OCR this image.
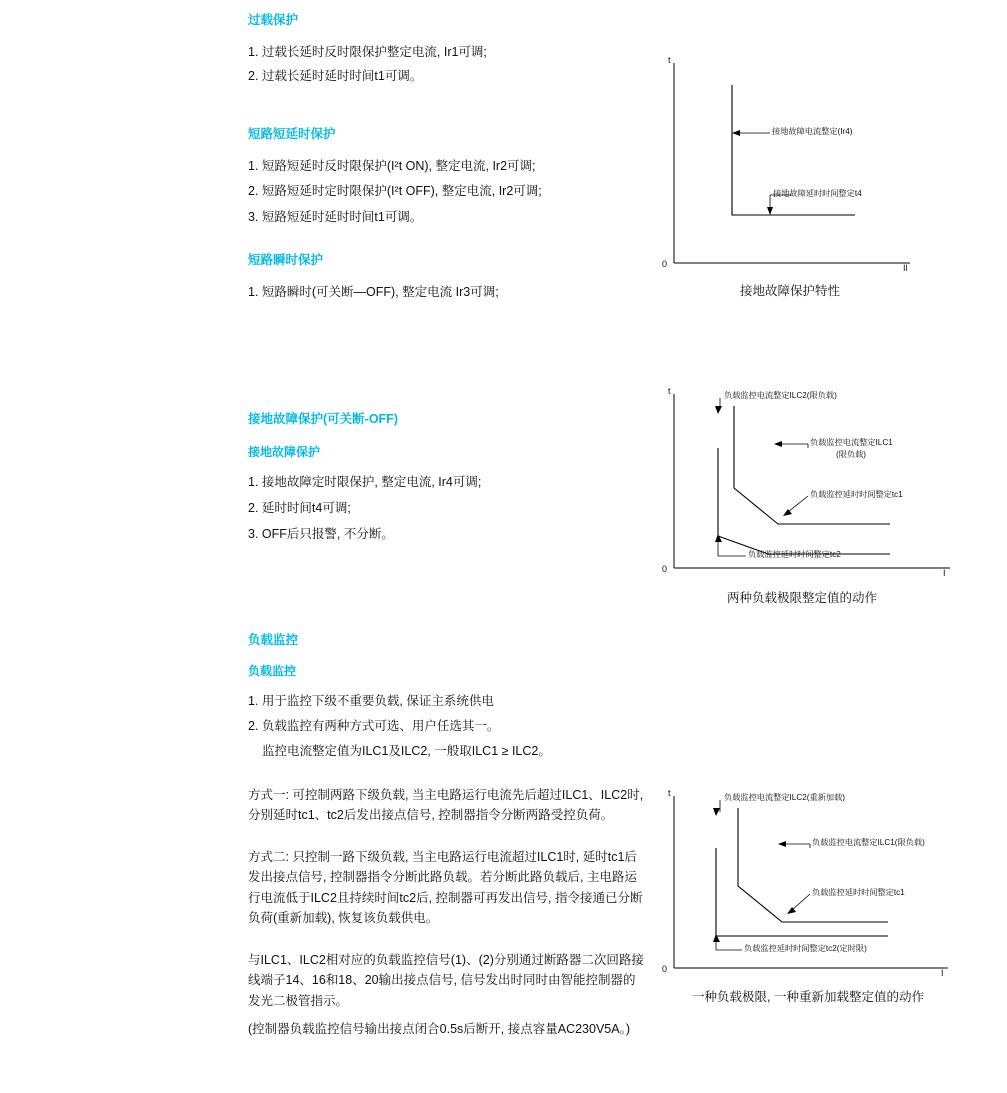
过载保护
1. 过载长延时反时限保护整定电流, Ir1可调;
2. 过载长延时延时时间t1可调。
短路短延时保护
1. 短路短延时反时限保护(I²t ON), 整定电流, Ir2可调;
2. 短路短延时定时限保护(I²t OFF), 整定电流, Ir2可调;
3. 短路短延时延时时间t1可调。
短路瞬时保护
1. 短路瞬时(可关断—OFF), 整定电流 Ir3可调;
接地故障保护(可关断-OFF)
接地故障保护
1. 接地故障定时限保护, 整定电流, Ir4可调;
2. 延时时间t4可调;
3. OFF后只报警, 不分断。
负载监控
负载监控
1. 用于监控下级不重要负载, 保证主系统供电
2. 负载监控有两种方式可选、用户任选其一。
监控电流整定值为ILC1及ILC2, 一般取ILC1 ≥ ILC2。
方式一: 可控制两路下级负载, 当主电路运行电流先后超过ILC1、ILC2时, 分别延时tc1、tc2后发出接点信号, 控制器指令分断两路受控负荷。
方式二: 只控制一路下级负载, 当主电路运行电流超过ILC1时, 延时tc1后发出接点信号, 控制器指令分断此路负载。若分断此路负载后, 主电路运行电流低于ILC2且持续时间tc2后, 控制器可再发出信号, 指令接通已分断负荷(重新加载), 恢复该负载供电。
与ILC1、ILC2相对应的负载监控信号(1)、(2)分别通过断路器二次回路接线端子14、16和18、20输出接点信号, 信号发出时同时由智能控制器的发光二极管指示。
(控制器负载监控信号输出接点闭合0.5s后断开, 接点容量AC230V5A。)
t
Il
0
接地故障电流整定(Ir4)
接地故障延时时间整定t4
接地故障保护特性
t
I
0
负载监控电流整定ILC2(限负载)
负载监控电流整定ILC1
(限负载)
负载监控延时时间整定tc1
负载监控延时时间整定tc2
两种负载极限整定值的动作
t
I
0
负载监控电流整定ILC2(重新加载)
负载监控电流整定ILC1(限负载)
负载监控延时时间整定tc1
负载监控延时时间整定tc2(定时限)
一种负载极限, 一种重新加载整定值的动作
